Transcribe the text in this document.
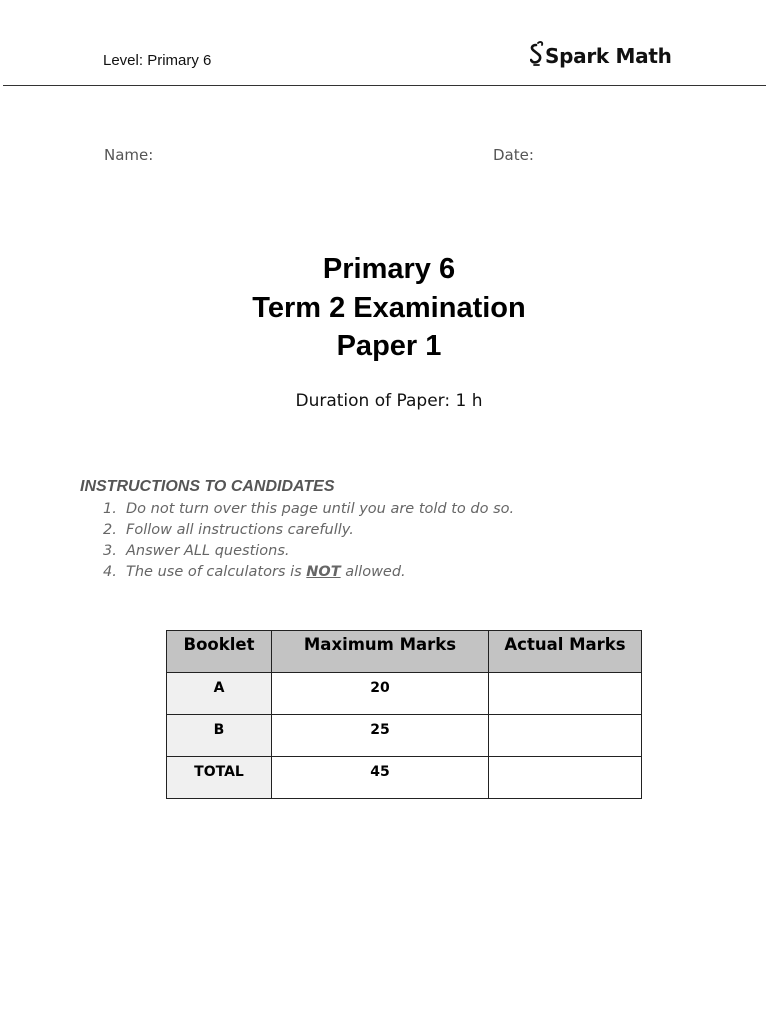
Level: Primary 6	Spark Math
Name:	Date:
Primary 6
Term 2 Examination
Paper 1
Duration of Paper: 1 h
INSTRUCTIONS TO CANDIDATES
1. Do not turn over this page until you are told to do so.
2. Follow all instructions carefully.
3. Answer ALL questions.
4. The use of calculators is NOT allowed.
Booklet	Maximum Marks	Actual Marks
A	20	
B	25	
TOTAL	45	
